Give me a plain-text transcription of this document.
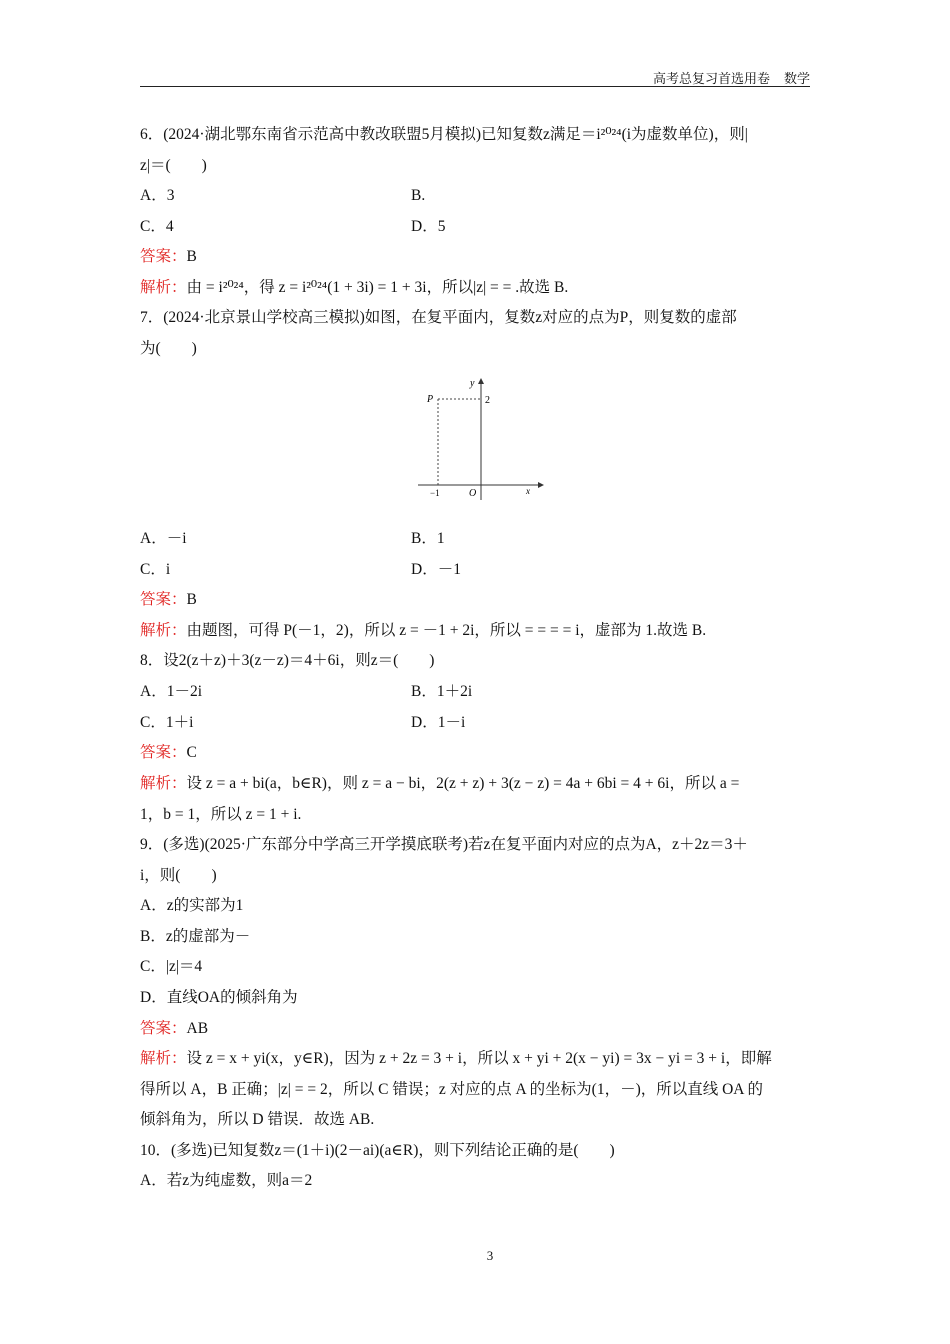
高考总复习首选用卷 数学
6．(2024·湖北鄂东南省示范高中教改联盟5月模拟)已知复数z满足＝i²⁰²⁴(i为虚数单位)，则|
z|＝(　　)
A．3	B.
C．4	D．5
答案：B
解析：由 = i²⁰²⁴，得 z = i²⁰²⁴(1 + 3i) = 1 + 3i，所以|z| = = .故选 B.
7．(2024·北京景山学校高三模拟)如图，在复平面内，复数z对应的点为P，则复数的虚部
为(　　)
A．－i	B．1
C．i	D．－1
答案：B
解析：由题图，可得 P(－1，2)，所以 z = －1 + 2i，所以 = = = = i，虚部为 1.故选 B.
8．设2(z＋z)＋3(z－z)＝4＋6i，则z＝(　　)
A．1－2i	B．1＋2i
C．1＋i	D．1－i
答案：C
解析：设 z = a + bi(a，b∈R)，则 z = a − bi，2(z + z) + 3(z − z) = 4a + 6bi = 4 + 6i，所以 a =
1，b = 1，所以 z = 1 + i.
9．(多选)(2025·广东部分中学高三开学摸底联考)若z在复平面内对应的点为A，z＋2z＝3＋
i，则(　　)
A．z的实部为1
B．z的虚部为－
C．|z|＝4
D．直线OA的倾斜角为
答案：AB
解析：设 z = x + yi(x，y∈R)，因为 z + 2z = 3 + i，所以 x + yi + 2(x − yi) = 3x − yi = 3 + i，即解
得所以 A，B 正确；|z| = = 2，所以 C 错误；z 对应的点 A 的坐标为(1，－)，所以直线 OA 的
倾斜角为，所以 D 错误．故选 AB.
10．(多选)已知复数z＝(1＋i)(2－ai)(a∈R)，则下列结论正确的是(　　)
A．若z为纯虚数，则a＝2
y
2
P
−1	O	x
3
